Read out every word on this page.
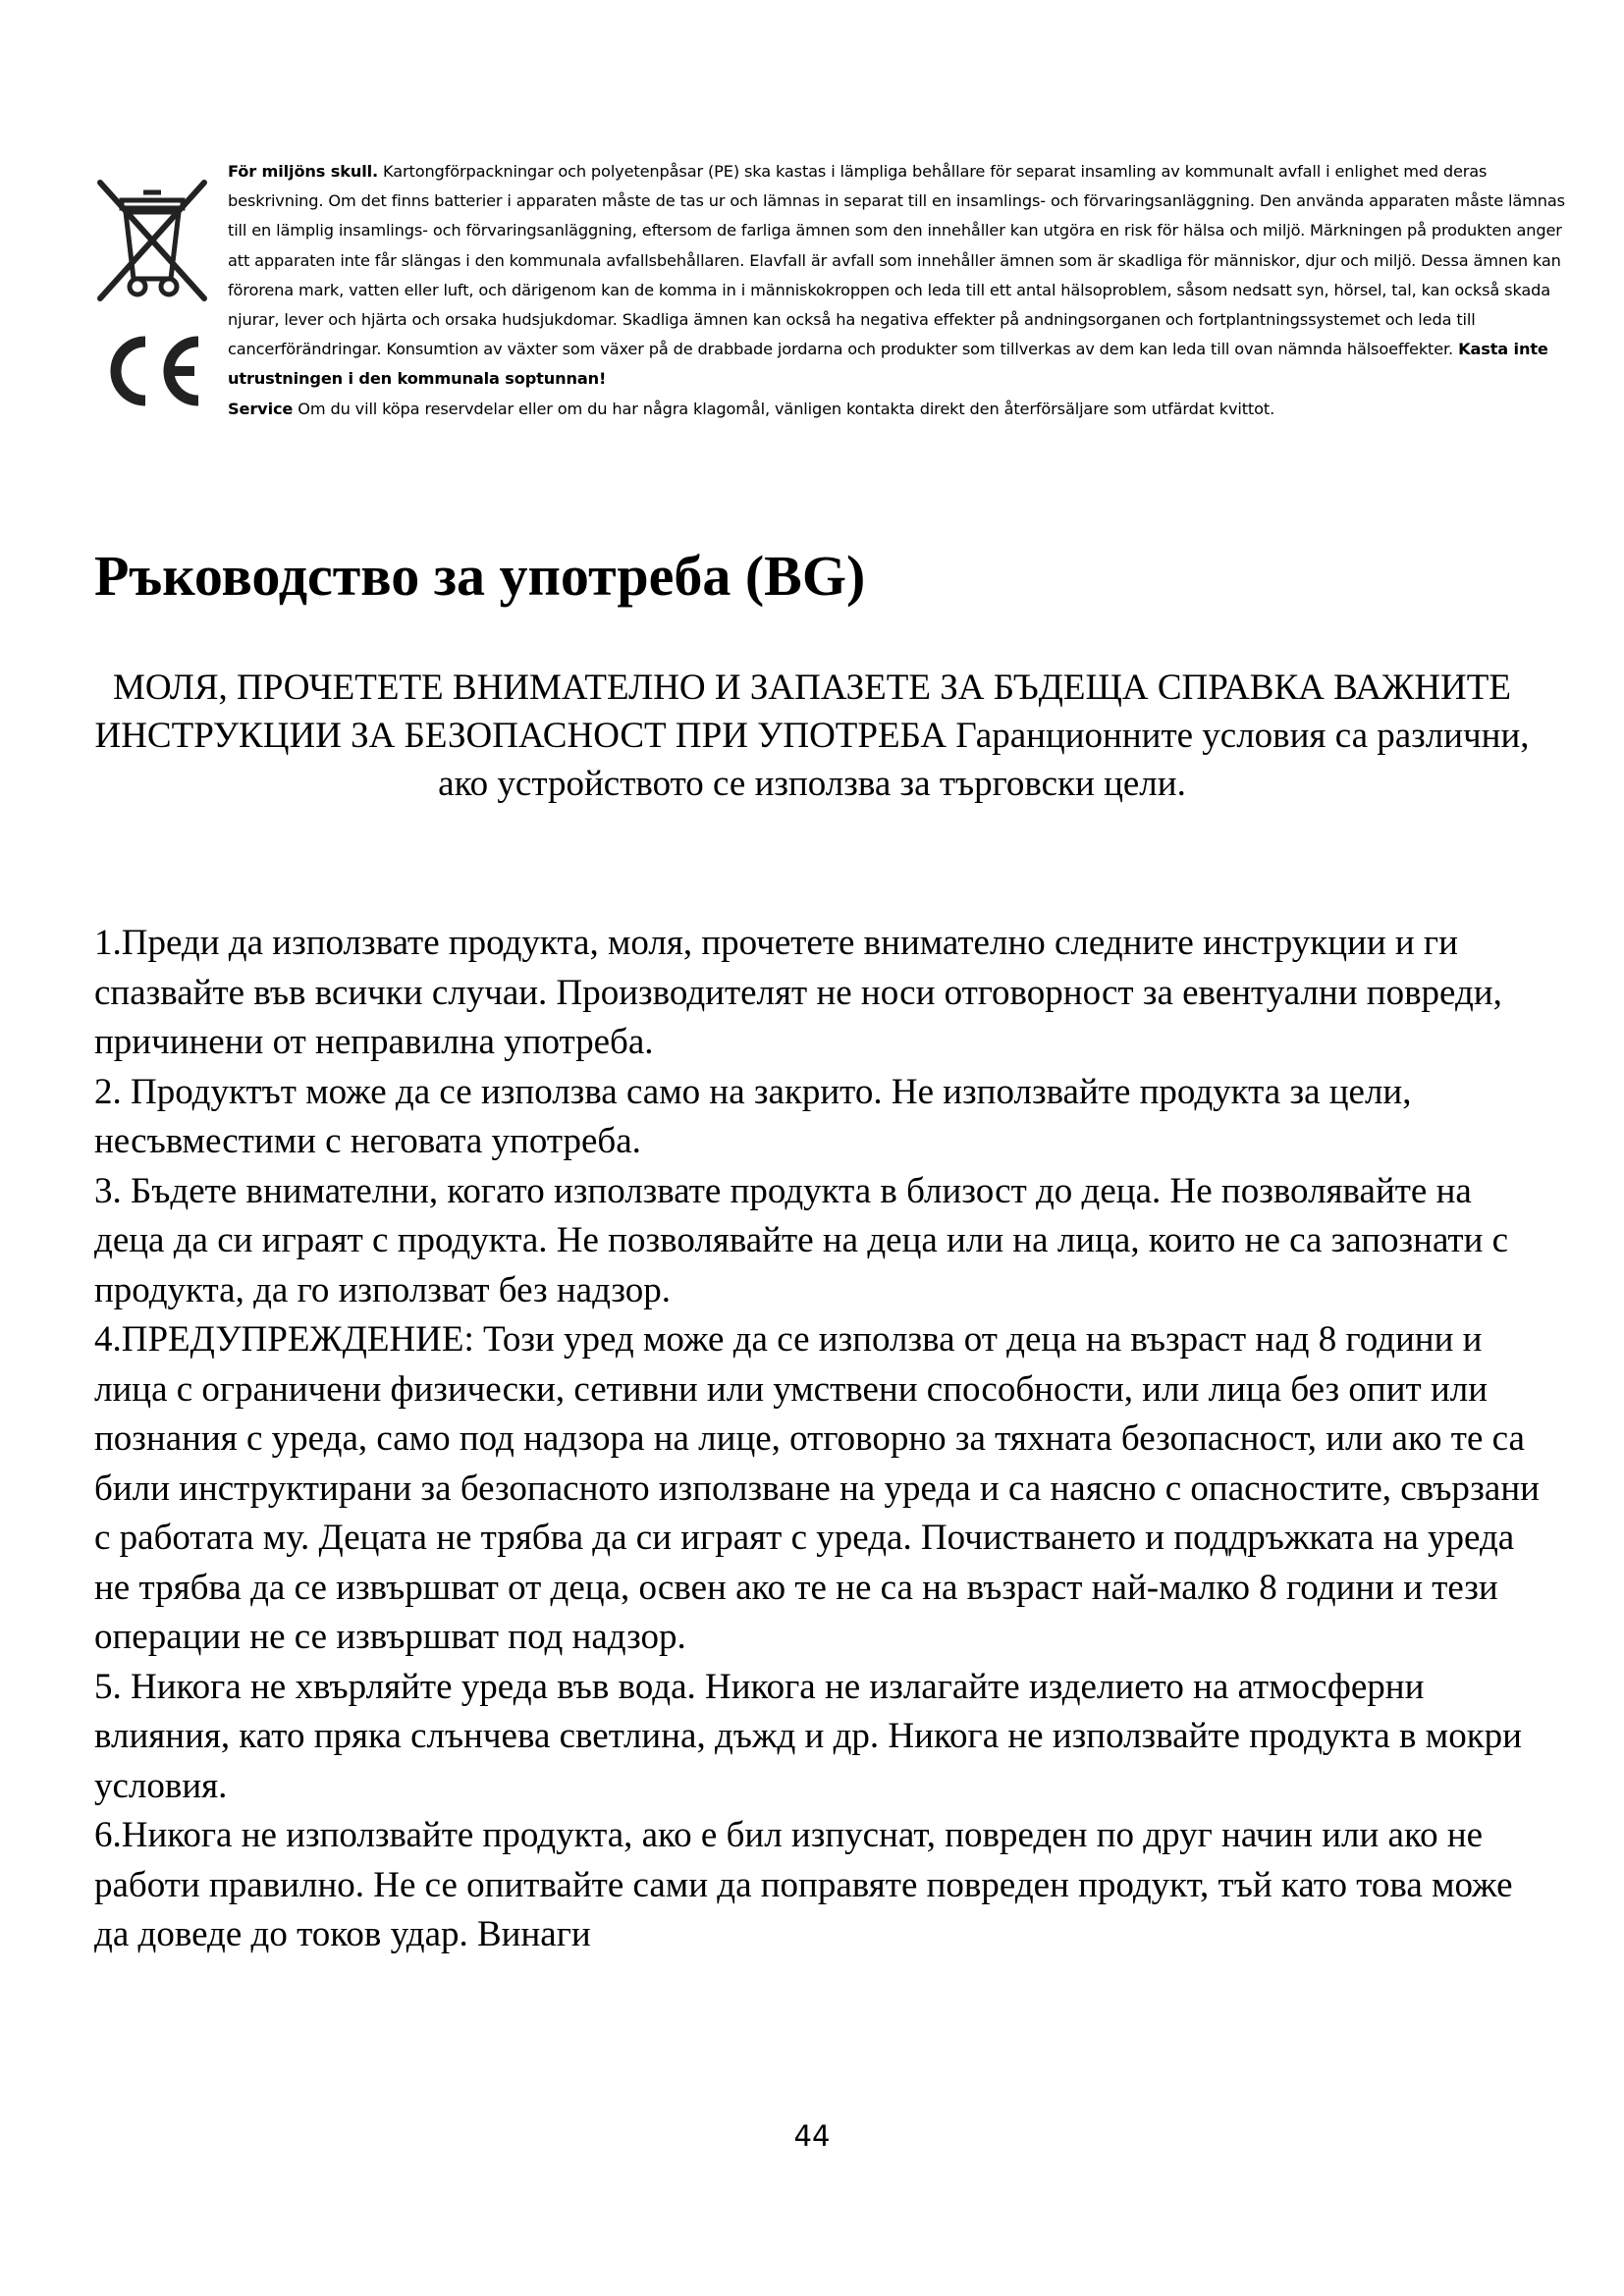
För miljöns skull. Kartongförpackningar och polyetenpåsar (PE) ska kastas i lämpliga behållare för separat insamling av kommunalt avfall i enlighet med deras beskrivning. Om det finns batterier i apparaten måste de tas ur och lämnas in separat till en insamlings- och förvaringsanläggning. Den använda apparaten måste lämnas till en lämplig insamlings- och förvaringsanläggning, eftersom de farliga ämnen som den innehåller kan utgöra en risk för hälsa och miljö. Märkningen på produkten anger att apparaten inte får slängas i den kommunala avfallsbehållaren. Elavfall är avfall som innehåller ämnen som är skadliga för människor, djur och miljö. Dessa ämnen kan förorena mark, vatten eller luft, och därigenom kan de komma in i människokroppen och leda till ett antal hälsoproblem, såsom nedsatt syn, hörsel, tal, kan också skada njurar, lever och hjärta och orsaka hudsjukdomar. Skadliga ämnen kan också ha negativa effekter på andningsorganen och fortplantningssystemet och leda till cancerförändringar. Konsumtion av växter som växer på de drabbade jordarna och produkter som tillverkas av dem kan leda till ovan nämnda hälsoeffekter. Kasta inte utrustningen i den kommunala soptunnan!
Service Om du vill köpa reservdelar eller om du har några klagomål, vänligen kontakta direkt den återförsäljare som utfärdat kvittot.

Ръководство за употреба (BG)

МОЛЯ, ПРОЧЕТЕТЕ ВНИМАТЕЛНО И ЗАПАЗЕТЕ ЗА БЪДЕЩА СПРАВКА ВАЖНИТЕ ИНСТРУКЦИИ ЗА БЕЗОПАСНОСТ ПРИ УПОТРЕБА Гаранционните условия са различни, ако устройството се използва за търговски цели.

1.Преди да използвате продукта, моля, прочетете внимателно следните инструкции и ги спазвайте във всички случаи. Производителят не носи отговорност за евентуални повреди, причинени от неправилна употреба.

2. Продуктът може да се използва само на закрито. Не използвайте продукта за цели, несъвместими с неговата употреба.

3. Бъдете внимателни, когато използвате продукта в близост до деца. Не позволявайте на деца да си играят с продукта. Не позволявайте на деца или на лица, които не са запознати с продукта, да го използват без надзор.

4.ПРЕДУПРЕЖДЕНИЕ: Този уред може да се използва от деца на възраст над 8 години и лица с ограничени физически, сетивни или умствени способности, или лица без опит или познания с уреда, само под надзора на лице, отговорно за тяхната безопасност, или ако те са били инструктирани за безопасното използване на уреда и са наясно с опасностите, свързани с работата му. Децата не трябва да си играят с уреда. Почистването и поддръжката на уреда не трябва да се извършват от деца, освен ако те не са на възраст най-малко 8 години и тези операции не се извършват под надзор.

5. Никога не хвърляйте уреда във вода. Никога не излагайте изделието на атмосферни влияния, като пряка слънчева светлина, дъжд и др. Никога не използвайте продукта в мокри условия.

6.Никога не използвайте продукта, ако е бил изпуснат, повреден по друг начин или ако не работи правилно. Не се опитвайте сами да поправяте повреден продукт, тъй като това може да доведе до токов удар. Винаги

44
